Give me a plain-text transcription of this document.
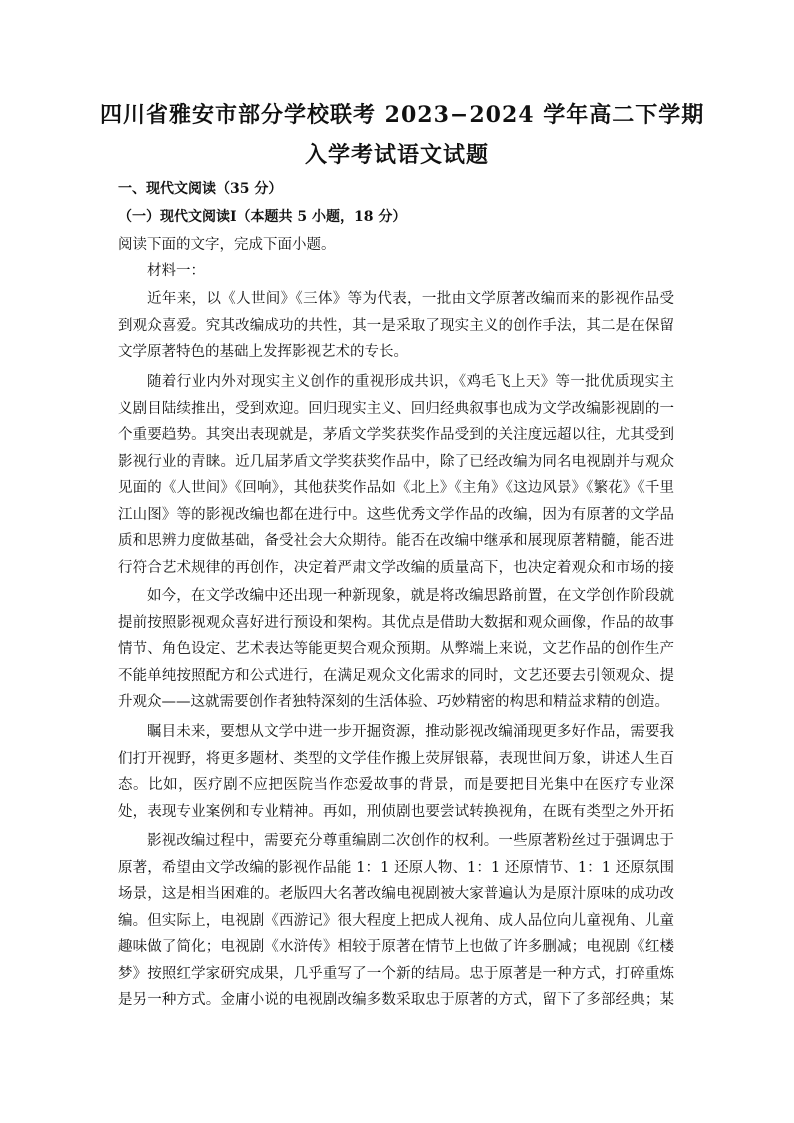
四川省雅安市部分学校联考 2023−2024 学年高二下学期
入学考试语文试题
一、现代文阅读（35 分）
（一）现代文阅读Ⅰ（本题共 5 小题，18 分）
阅读下面的文字，完成下面小题。

材料一：

近年来，以《人世间》《三体》等为代表，一批由文学原著改编而来的影视作品受到观众喜爱。究其改编成功的共性，其一是采取了现实主义的创作手法，其二是在保留文学原著特色的基础上发挥影视艺术的专长。

随着行业内外对现实主义创作的重视形成共识，《鸡毛飞上天》等一批优质现实主义剧目陆续推出，受到欢迎。回归现实主义、回归经典叙事也成为文学改编影视剧的一个重要趋势。其突出表现就是，茅盾文学奖获奖作品受到的关注度远超以往，尤其受到影视行业的青睐。近几届茅盾文学奖获奖作品中，除了已经改编为同名电视剧并与观众见面的《人世间》《回响》，其他获奖作品如《北上》《主角》《这边风景》《繁花》《千里江山图》等的影视改编也都在进行中。这些优秀文学作品的改编，因为有原著的文学品质和思辨力度做基础，备受社会大众期待。能否在改编中继承和展现原著精髓，能否进行符合艺术规律的再创作，决定着严肃文学改编的质量高下，也决定着观众和市场的接

如今，在文学改编中还出现一种新现象，就是将改编思路前置，在文学创作阶段就提前按照影视观众喜好进行预设和架构。其优点是借助大数据和观众画像，作品的故事情节、角色设定、艺术表达等能更契合观众预期。从弊端上来说，文艺作品的创作生产不能单纯按照配方和公式进行，在满足观众文化需求的同时，文艺还要去引领观众、提升观众——这就需要创作者独特深刻的生活体验、巧妙精密的构思和精益求精的创造。

瞩目未来，要想从文学中进一步开掘资源，推动影视改编涌现更多好作品，需要我们打开视野，将更多题材、类型的文学佳作搬上荧屏银幕，表现世间万象，讲述人生百态。比如，医疗剧不应把医院当作恋爱故事的背景，而是要把目光集中在医疗专业深处，表现专业案例和专业精神。再如，刑侦剧也要尝试转换视角，在既有类型之外开拓

影视改编过程中，需要充分尊重编剧二次创作的权利。一些原著粉丝过于强调忠于原著，希望由文学改编的影视作品能 1：1 还原人物、1：1 还原情节、1：1 还原氛围场景，这是相当困难的。老版四大名著改编电视剧被大家普遍认为是原汁原味的成功改编。但实际上，电视剧《西游记》很大程度上把成人视角、成人品位向儿童视角、儿童趣味做了简化；电视剧《水浒传》相较于原著在情节上也做了许多删减；电视剧《红楼梦》按照红学家研究成果，几乎重写了一个新的结局。忠于原著是一种方式，打碎重炼是另一种方式。金庸小说的电视剧改编多数采取忠于原著的方式，留下了多部经典；某
